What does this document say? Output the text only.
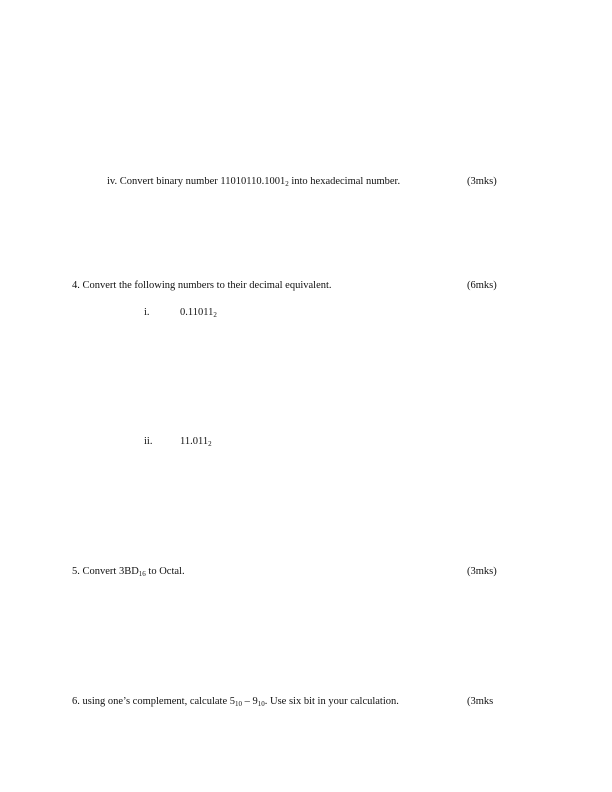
iv. Convert binary number $11010110.1001_2$ into hexadecimal number.	(3mks)
4. Convert the following numbers to their decimal equivalent.	(6mks)
i.	$0.11011_2$
ii.	$11.011_2$
5. Convert $3BD_{16}$ to Octal.	(3mks)
6. using one’s complement, calculate $5_{10} - 9_{10}$. Use six bit in your calculation.	(3mks
